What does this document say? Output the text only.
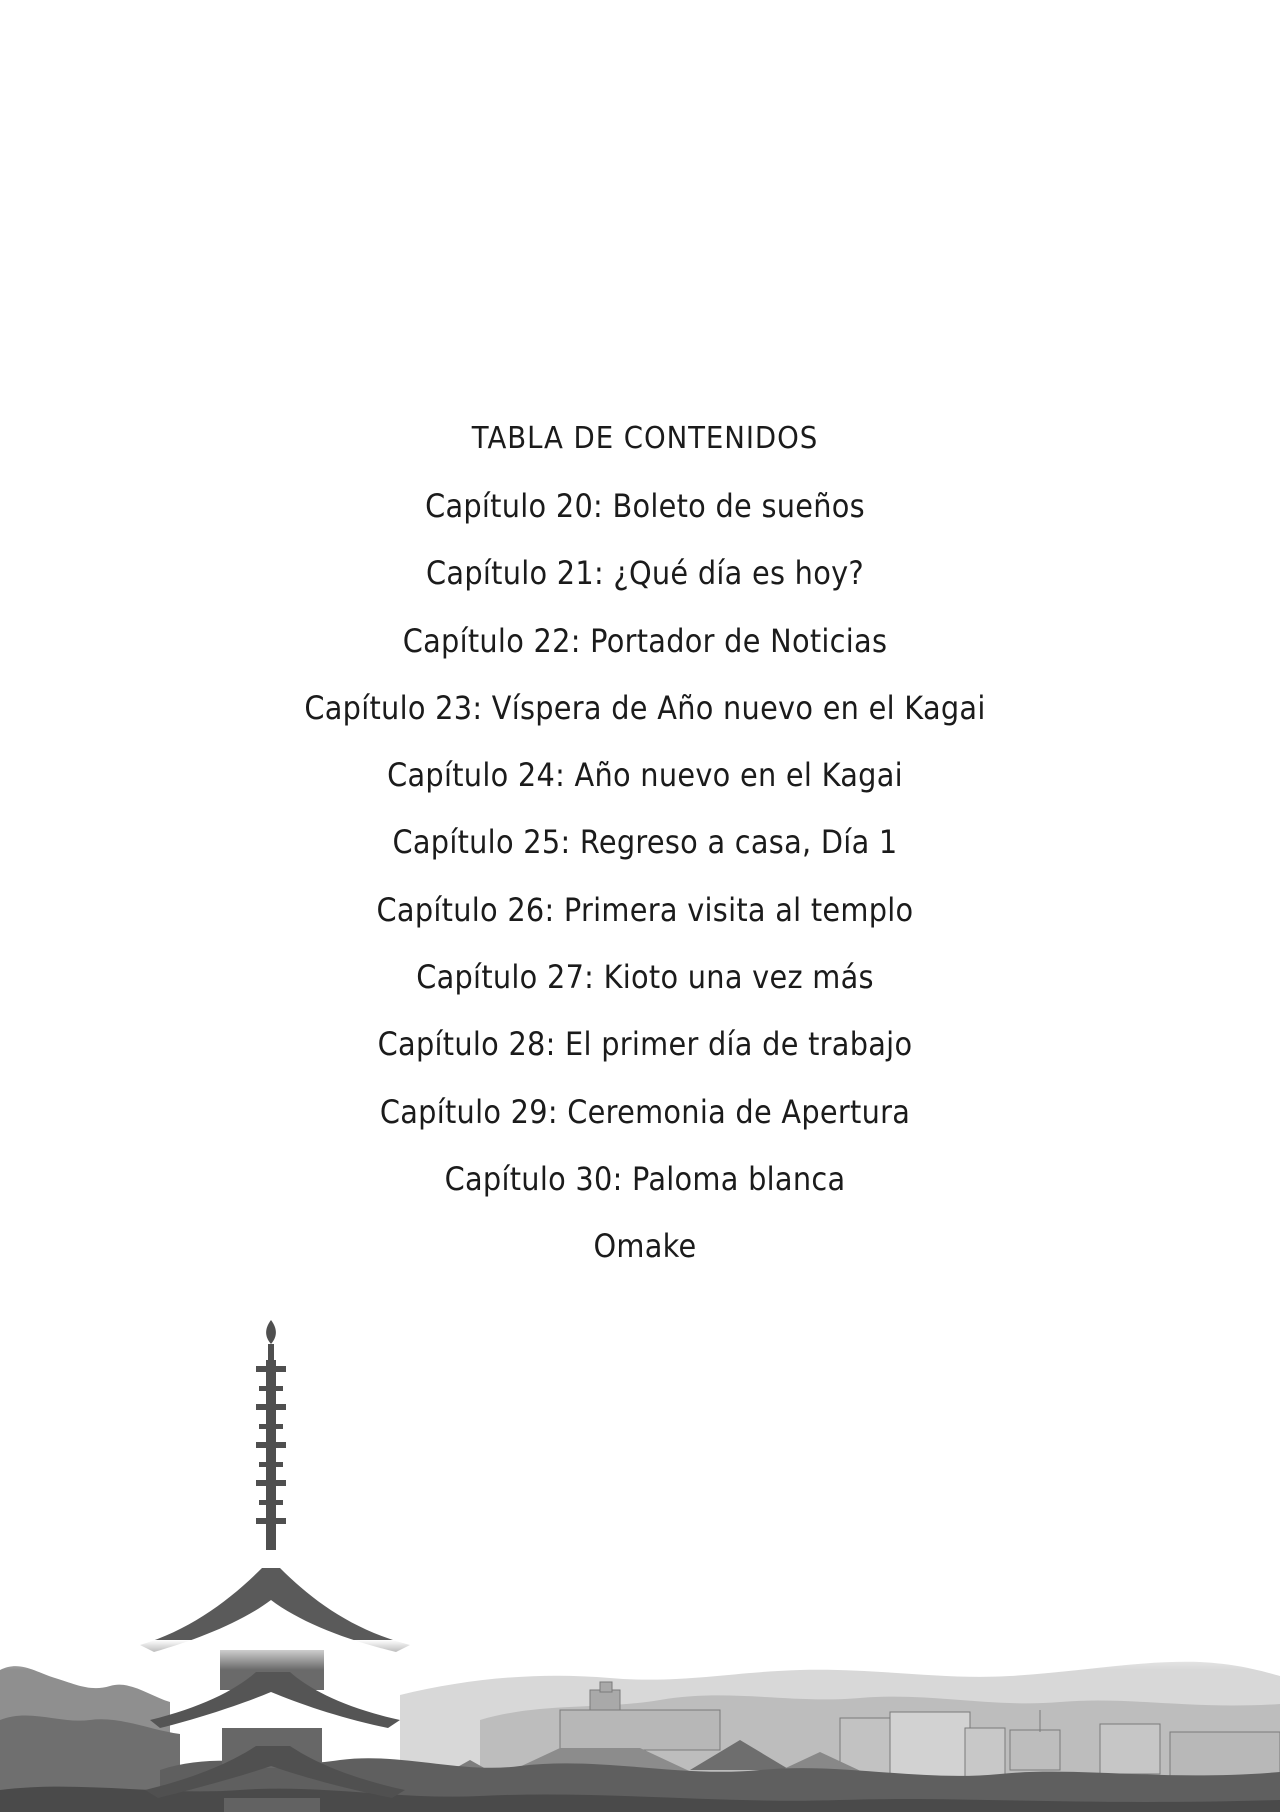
TABLA DE CONTENIDOS
Capítulo 20: Boleto de sueños
Capítulo 21: ¿Qué día es hoy?
Capítulo 22: Portador de Noticias
Capítulo 23: Víspera de Año nuevo en el Kagai
Capítulo 24: Año nuevo en el Kagai
Capítulo 25: Regreso a casa, Día 1
Capítulo 26: Primera visita al templo
Capítulo 27: Kioto una vez más
Capítulo 28: El primer día de trabajo
Capítulo 29: Ceremonia de Apertura
Capítulo 30: Paloma blanca
Omake
